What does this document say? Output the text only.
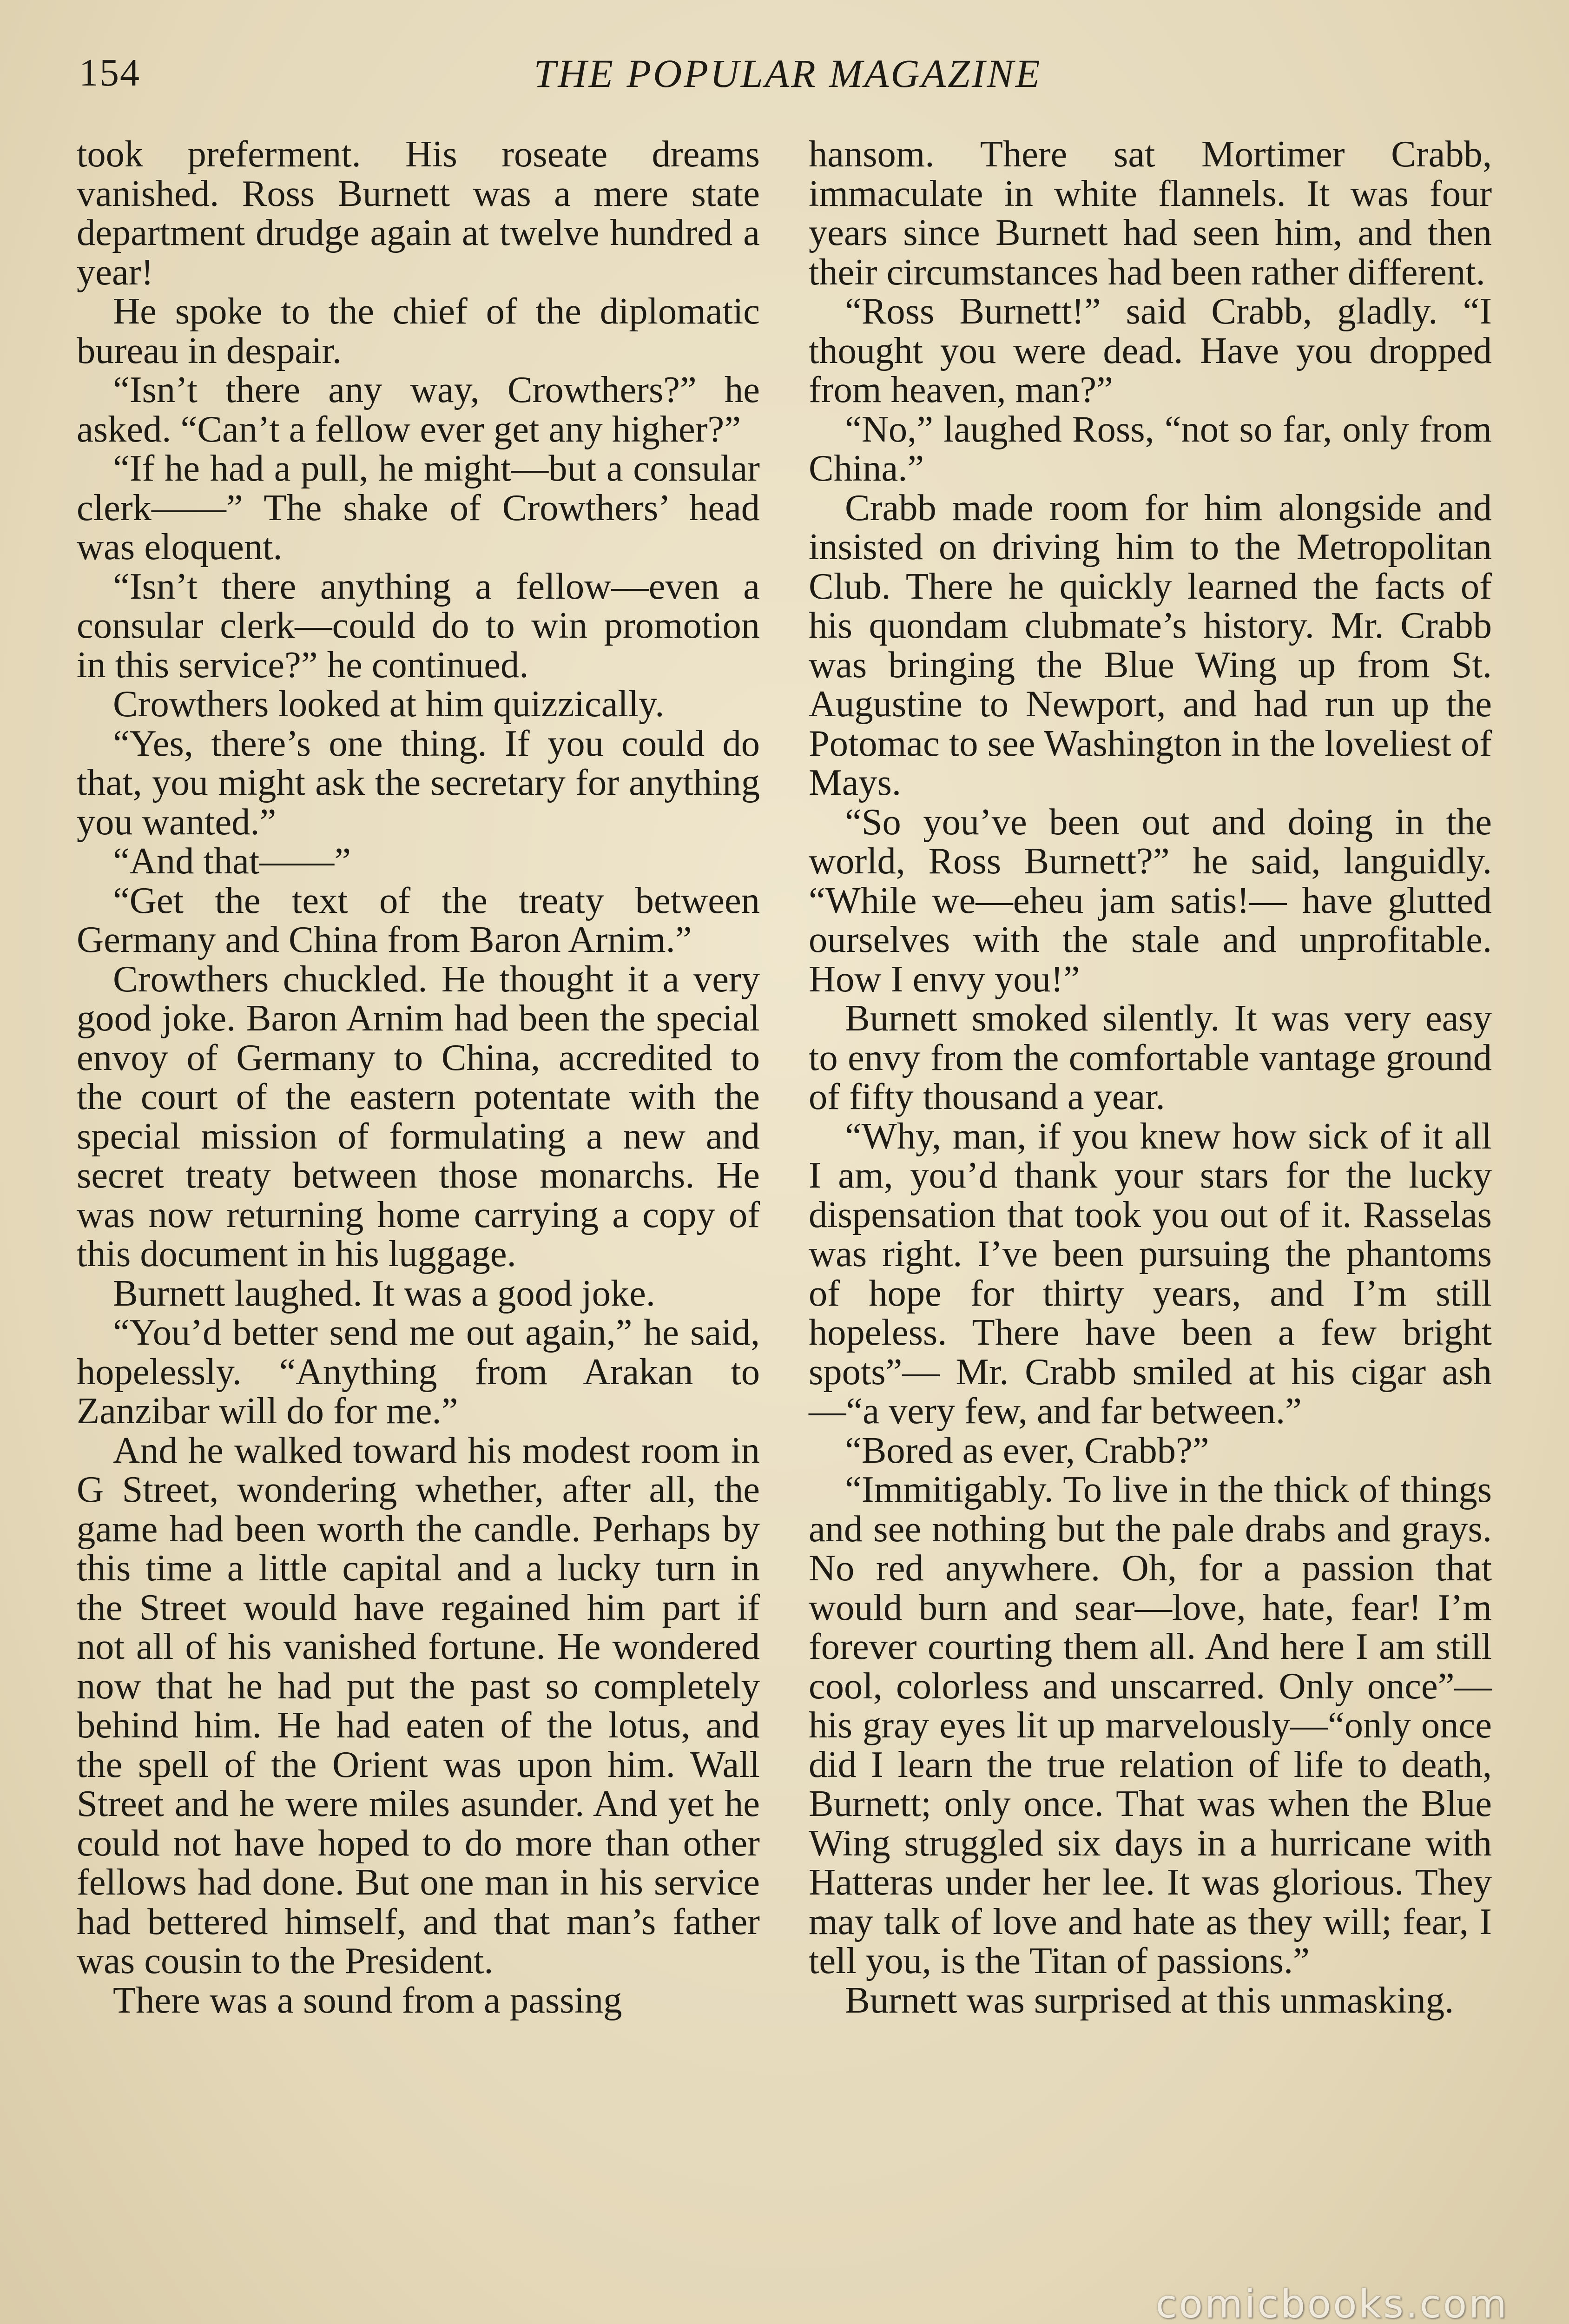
154	THE POPULAR MAGAZINE

took preferment. His roseate dreams vanished. Ross Burnett was a mere state department drudge again at twelve hundred a year!

He spoke to the chief of the diplomatic bureau in despair.

“Isn’t there any way, Crowthers?” he asked. “Can’t a fellow ever get any higher?”

“If he had a pull, he might—but a consular clerk——” The shake of Crowthers’ head was eloquent.

“Isn’t there anything a fellow—even a consular clerk—could do to win promotion in this service?” he continued.

Crowthers looked at him quizzically.

“Yes, there’s one thing. If you could do that, you might ask the secretary for anything you wanted.”

“And that——”

“Get the text of the treaty between Germany and China from Baron Arnim.”

Crowthers chuckled. He thought it a very good joke. Baron Arnim had been the special envoy of Germany to China, accredited to the court of the eastern potentate with the special mission of formulating a new and secret treaty between those monarchs. He was now returning home carrying a copy of this document in his luggage.

Burnett laughed. It was a good joke.

“You’d better send me out again,” he said, hopelessly. “Anything from Arakan to Zanzibar will do for me.”

And he walked toward his modest room in G Street, wondering whether, after all, the game had been worth the candle. Perhaps by this time a little capital and a lucky turn in the Street would have regained him part if not all of his vanished fortune. He wondered now that he had put the past so completely behind him. He had eaten of the lotus, and the spell of the Orient was upon him. Wall Street and he were miles asunder. And yet he could not have hoped to do more than other fellows had done. But one man in his service had bettered himself, and that man’s father was cousin to the President.

There was a sound from a passing

hansom. There sat Mortimer Crabb, immaculate in white flannels. It was four years since Burnett had seen him, and then their circumstances had been rather different.

“Ross Burnett!” said Crabb, gladly. “I thought you were dead. Have you dropped from heaven, man?”

“No,” laughed Ross, “not so far, only from China.”

Crabb made room for him alongside and insisted on driving him to the Metropolitan Club. There he quickly learned the facts of his quondam clubmate’s history. Mr. Crabb was bringing the Blue Wing up from St. Augustine to Newport, and had run up the Potomac to see Washington in the loveliest of Mays.

“So you’ve been out and doing in the world, Ross Burnett?” he said, languidly. “While we—eheu jam satis!— have glutted ourselves with the stale and unprofitable. How I envy you!”

Burnett smoked silently. It was very easy to envy from the comfortable vantage ground of fifty thousand a year.

“Why, man, if you knew how sick of it all I am, you’d thank your stars for the lucky dispensation that took you out of it. Rasselas was right. I’ve been pursuing the phantoms of hope for thirty years, and I’m still hopeless. There have been a few bright spots”— Mr. Crabb smiled at his cigar ash—“a very few, and far between.”

“Bored as ever, Crabb?”

“Immitigably. To live in the thick of things and see nothing but the pale drabs and grays. No red anywhere. Oh, for a passion that would burn and sear—love, hate, fear! I’m forever courting them all. And here I am still cool, colorless and unscarred. Only once”—his gray eyes lit up marvelously—“only once did I learn the true relation of life to death, Burnett; only once. That was when the Blue Wing struggled six days in a hurricane with Hatteras under her lee. It was glorious. They may talk of love and hate as they will; fear, I tell you, is the Titan of passions.”

Burnett was surprised at this unmasking.

comicbooks.com
